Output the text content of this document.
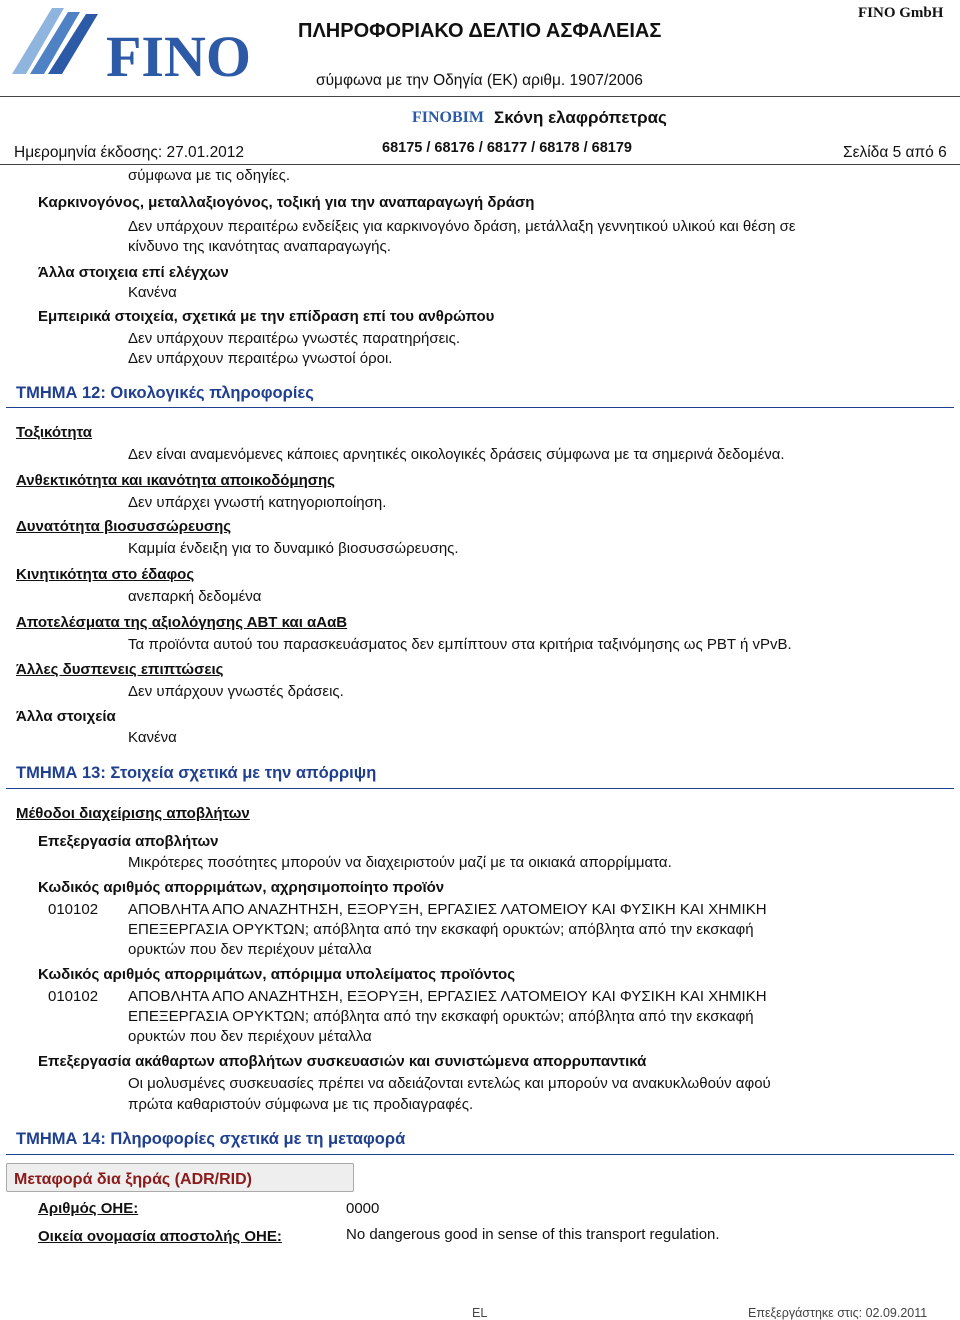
FINO ΠΛΗΡΟΦΟΡΙΑΚΟ ΔΕΛΤΙΟ ΑΣΦΑΛΕΙΑΣ
FINO GmbH
σύμφωνα με την Οδηγία (ΕΚ) αριθμ. 1907/2006
FINOBIM Σκόνη ελαφρόπετρας
Ημερομηνία έκδοσης: 27.01.2012	68175 / 68176 / 68177 / 68178 / 68179	Σελίδα 5 από 6
σύμφωνα με τις οδηγίες.
Καρκινογόνος, μεταλλαξιογόνος, τοξική για την αναπαραγωγή δράση
Δεν υπάρχουν περαιτέρω ενδείξεις για καρκινογόνο δράση, μετάλλαξη γεννητικού υλικού και θέση σε
κίνδυνο της ικανότητας αναπαραγωγής.
Άλλα στοιχεια επί ελέγχων
Κανένα
Εμπειρικά στοιχεία, σχετικά με την επίδραση επί του ανθρώπου
Δεν υπάρχουν περαιτέρω γνωστές παρατηρήσεις.
Δεν υπάρχουν περαιτέρω γνωστοί όροι.
ΤΜΗΜΑ 12: Οικολογικές πληροφορίες
Τοξικότητα
Δεν είναι αναμενόμενες κάποιες αρνητικές οικολογικές δράσεις σύμφωνα με τα σημερινά δεδομένα.
Ανθεκτικότητα και ικανότητα αποικοδόμησης
Δεν υπάρχει γνωστή κατηγοριοποίηση.
Δυνατότητα βιοσυσσώρευσης
Καμμία ένδειξη για το δυναμικό βιοσυσσώρευσης.
Κινητικότητα στο έδαφος
ανεπαρκή δεδομένα
Αποτελέσματα της αξιολόγησης ΑΒΤ και αΑαΒ
Τα προϊόντα αυτού του παρασκευάσματος δεν εμπίπτουν στα κριτήρια ταξινόμησης ως PBT ή vPvB.
Άλλες δυσπενεις επιπτώσεις
Δεν υπάρχουν γνωστές δράσεις.
Άλλα στοιχεία
Κανένα
ΤΜΗΜΑ 13: Στοιχεία σχετικά με την απόρριψη
Μέθοδοι διαχείρισης αποβλήτων
Επεξεργασία αποβλήτων
Μικρότερες ποσότητες μπορούν να διαχειριστούν μαζί με τα οικιακά απορρίμματα.
Κωδικός αριθμός απορριμάτων, αχρησιμοποίητο προϊόν
010102 ΑΠΟΒΛΗΤΑ ΑΠΟ ΑΝΑΖΗΤΗΣΗ, ΕΞΟΡΥΞΗ, ΕΡΓΑΣΙΕΣ ΛΑΤΟΜΕΙΟΥ ΚΑΙ ΦΥΣΙΚΗ ΚΑΙ ΧΗΜΙΚΗ
ΕΠΕΞΕΡΓΑΣΙΑ ΟΡΥΚΤΩΝ; απόβλητα από την εκσκαφή ορυκτών; απόβλητα από την εκσκαφή
ορυκτών που δεν περιέχουν μέταλλα
Κωδικός αριθμός απορριμάτων, απόριμμα υπολείματος προϊόντος
010102 ΑΠΟΒΛΗΤΑ ΑΠΟ ΑΝΑΖΗΤΗΣΗ, ΕΞΟΡΥΞΗ, ΕΡΓΑΣΙΕΣ ΛΑΤΟΜΕΙΟΥ ΚΑΙ ΦΥΣΙΚΗ ΚΑΙ ΧΗΜΙΚΗ
ΕΠΕΞΕΡΓΑΣΙΑ ΟΡΥΚΤΩΝ; απόβλητα από την εκσκαφή ορυκτών; απόβλητα από την εκσκαφή
ορυκτών που δεν περιέχουν μέταλλα
Επεξεργασία ακάθαρτων αποβλήτων συσκευασιών και συνιστώμενα απορρυπαντικά
Οι μολυσμένες συσκευασίες πρέπει να αδειάζονται εντελώς και μπορούν να ανακυκλωθούν αφού
πρώτα καθαριστούν σύμφωνα με τις προδιαγραφές.
ΤΜΗΜΑ 14: Πληροφορίες σχετικά με τη μεταφορά
Μεταφορά δια ξηράς (ADR/RID)
Αριθμός ΟΗΕ:	0000
Οικεία ονομασία αποστολής ΟΗΕ:	No dangerous good in sense of this transport regulation.
EL	Επεξεργάστηκε στις: 02.09.2011
